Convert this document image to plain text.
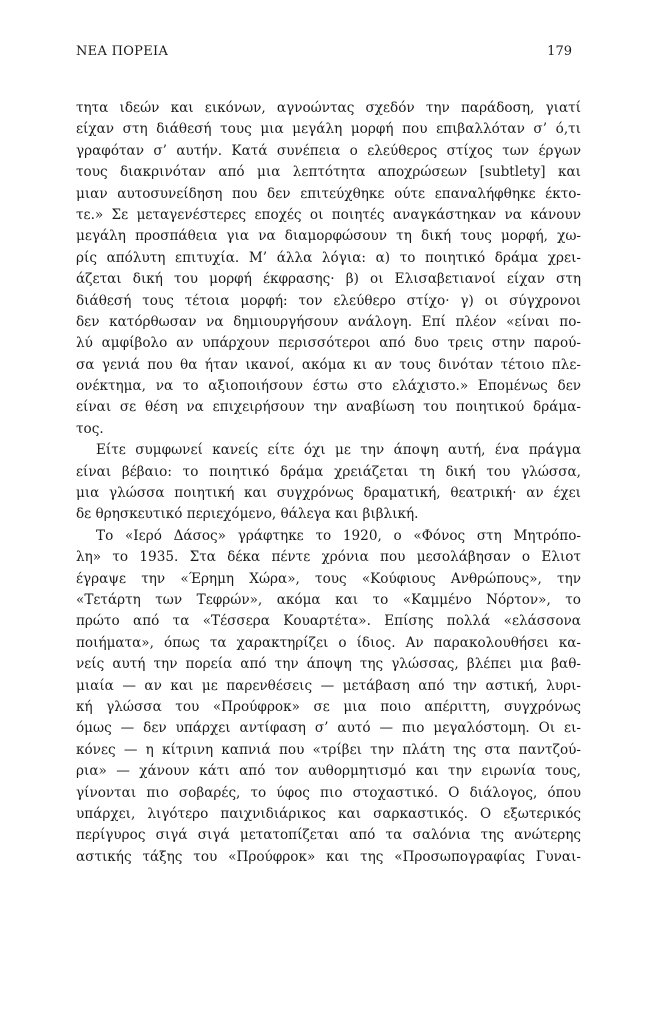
ΝΕΑ ΠΟΡΕΙΑ	179
τητα ιδεών και εικόνων, αγνοώντας σχεδόν την παράδοση, γιατί
είχαν στη διάθεσή τους μια μεγάλη μορφή που επιβαλλόταν σ’ ό,τι
γραφόταν σ’ αυτήν. Κατά συνέπεια ο ελεύθερος στίχος των έργων
τους διακρινόταν από μια λεπτότητα αποχρώσεων [subtlety] και
μιαν αυτοσυνείδηση που δεν επιτεύχθηκε ούτε επαναλήφθηκε έκτο-
τε.» Σε μεταγενέστερες εποχές οι ποιητές αναγκάστηκαν να κάνουν
μεγάλη προσπάθεια για να διαμορφώσουν τη δική τους μορφή, χω-
ρίς απόλυτη επιτυχία. Μ’ άλλα λόγια: α) το ποιητικό δράμα χρει-
άζεται δική του μορφή έκφρασης· β) οι Ελισαβετιανοί είχαν στη
διάθεσή τους τέτοια μορφή: τον ελεύθερο στίχο· γ) οι σύγχρονοι
δεν κατόρθωσαν να δημιουργήσουν ανάλογη. Επί πλέον «είναι πο-
λύ αμφίβολο αν υπάρχουν περισσότεροι από δυο τρεις στην παρού-
σα γενιά που θα ήταν ικανοί, ακόμα κι αν τους δινόταν τέτοιο πλε-
ονέκτημα, να το αξιοποιήσουν έστω στο ελάχιστο.» Επομένως δεν
είναι σε θέση να επιχειρήσουν την αναβίωση του ποιητικού δράμα-
τος.
Είτε συμφωνεί κανείς είτε όχι με την άποψη αυτή, ένα πράγμα
είναι βέβαιο: το ποιητικό δράμα χρειάζεται τη δική του γλώσσα,
μια γλώσσα ποιητική και συγχρόνως δραματική, θεατρική· αν έχει
δε θρησκευτικό περιεχόμενο, θάλεγα και βιβλική.
Το «Ιερό Δάσος» γράφτηκε το 1920, ο «Φόνος στη Μητρόπο-
λη» το 1935. Στα δέκα πέντε χρόνια που μεσολάβησαν ο Ελιοτ
έγραψε την «Έρημη Χώρα», τους «Κούφιους Ανθρώπους», την
«Τετάρτη των Τεφρών», ακόμα και το «Καμμένο Νόρτον», το
πρώτο από τα «Τέσσερα Κουαρτέτα». Επίσης πολλά «ελάσσονα
ποιήματα», όπως τα χαρακτηρίζει ο ίδιος. Αν παρακολουθήσει κα-
νείς αυτή την πορεία από την άποψη της γλώσσας, βλέπει μια βαθ-
μιαία — αν και με παρενθέσεις — μετάβαση από την αστική, λυρι-
κή γλώσσα του «Προύφροκ» σε μια ποιο απέριττη, συγχρόνως
όμως — δεν υπάρχει αντίφαση σ’ αυτό — πιο μεγαλόστομη. Οι ει-
κόνες — η κίτρινη καπνιά που «τρίβει την πλάτη της στα παντζού-
ρια» — χάνουν κάτι από τον αυθορμητισμό και την ειρωνία τους,
γίνονται πιο σοβαρές, το ύφος πιο στοχαστικό. Ο διάλογος, όπου
υπάρχει, λιγότερο παιχνιδιάρικος και σαρκαστικός. Ο εξωτερικός
περίγυρος σιγά σιγά μετατοπίζεται από τα σαλόνια της ανώτερης
αστικής τάξης του «Προύφροκ» και της «Προσωπογραφίας Γυναι-
